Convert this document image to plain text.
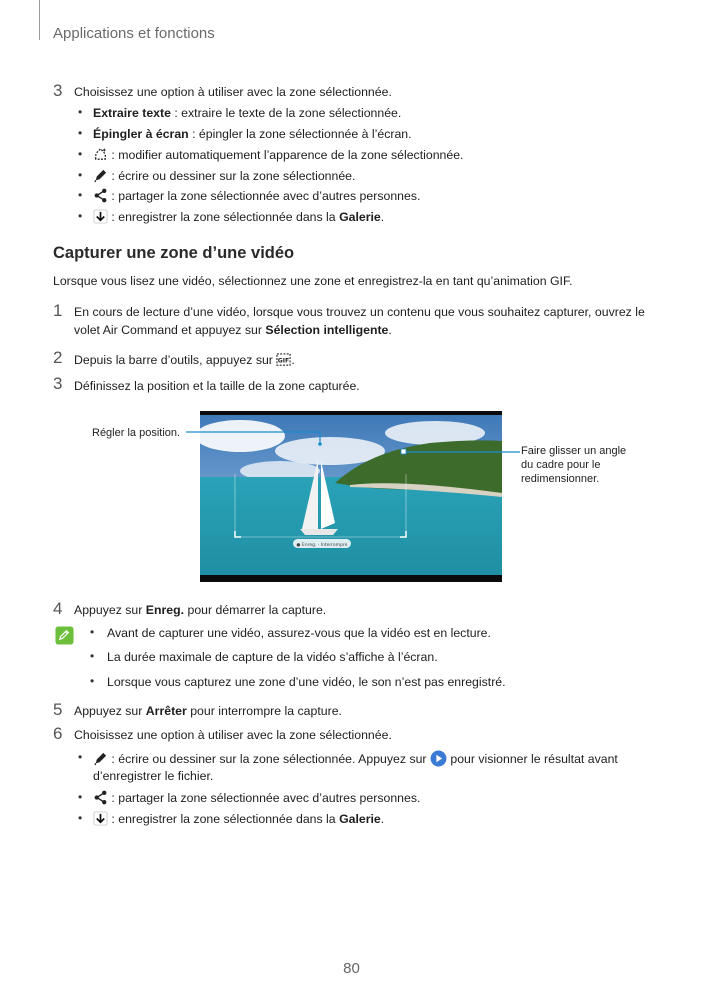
Applications et fonctions
3 Choisissez une option à utiliser avec la zone sélectionnée.
• Extraire texte : extraire le texte de la zone sélectionnée.
• Épingler à écran : épingler la zone sélectionnée à l’écran.
•	: modifier automatiquement l’apparence de la zone sélectionnée.
•	: écrire ou dessiner sur la zone sélectionnée.
•	: partager la zone sélectionnée avec d’autres personnes.
•	: enregistrer la zone sélectionnée dans la Galerie.
Capturer une zone d’une vidéo
Lorsque vous lisez une vidéo, sélectionnez une zone et enregistrez-la en tant qu’animation GIF.
1 En cours de lecture d’une vidéo, lorsque vous trouvez un contenu que vous souhaitez capturer, ouvrez le
volet Air Command et appuyez sur Sélection intelligente.
2 Depuis la barre d’outils, appuyez sur GIF .
3 Définissez la position et la taille de la zone capturée.
Régler la position.
● Enreg. · Interrompre
Faire glisser un angle
du cadre pour le
redimensionner.
4 Appuyez sur Enreg. pour démarrer la capture.
• Avant de capturer une vidéo, assurez-vous que la vidéo est en lecture.
• La durée maximale de capture de la vidéo s’affiche à l’écran.
• Lorsque vous capturez une zone d’une vidéo, le son n’est pas enregistré.
5 Appuyez sur Arrêter pour interrompre la capture.
6 Choisissez une option à utiliser avec la zone sélectionnée.
•	: écrire ou dessiner sur la zone sélectionnée. Appuyez sur  pour visionner le résultat avant
d’enregistrer le fichier.
•	: partager la zone sélectionnée avec d’autres personnes.
•	: enregistrer la zone sélectionnée dans la Galerie.
80
